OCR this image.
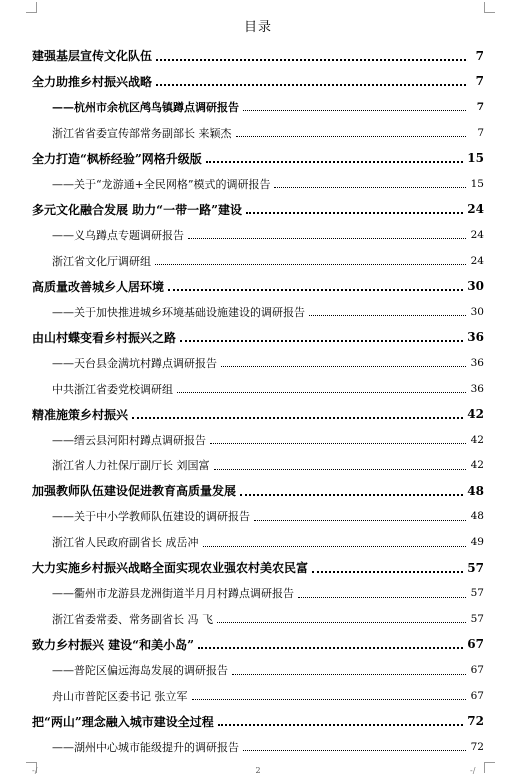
目录
建强基层宣传文化队伍	7
全力助推乡村振兴战略	7
——杭州市余杭区鸬鸟镇蹲点调研报告	7
浙江省省委宣传部常务副部长 来颖杰	7
全力打造“枫桥经验”网格升级版	15
——关于“龙游通+全民网格”模式的调研报告	15
多元文化融合发展 助力“一带一路”建设	24
——义乌蹲点专题调研报告	24
浙江省文化厅调研组	24
高质量改善城乡人居环境	30
——关于加快推进城乡环境基础设施建设的调研报告	30
由山村蝶变看乡村振兴之路	36
——天台县金满坑村蹲点调研报告	36
中共浙江省委党校调研组	36
精准施策乡村振兴	42
——缙云县河阳村蹲点调研报告	42
浙江省人力社保厅副厅长 刘国富	42
加强教师队伍建设促进教育高质量发展	48
——关于中小学教师队伍建设的调研报告	48
浙江省人民政府副省长 成岳冲	49
大力实施乡村振兴战略全面实现农业强农村美农民富	57
——衢州市龙游县龙洲街道半月月村蹲点调研报告	57
浙江省委常委、常务副省长 冯 飞	57
致力乡村振兴 建设“和美小岛”	67
——普陀区偏远海岛发展的调研报告	67
舟山市普陀区委书记 张立军	67
把“两山”理念融入城市建设全过程	72
——湖州中心城市能级提升的调研报告	72
-/	2	-/
